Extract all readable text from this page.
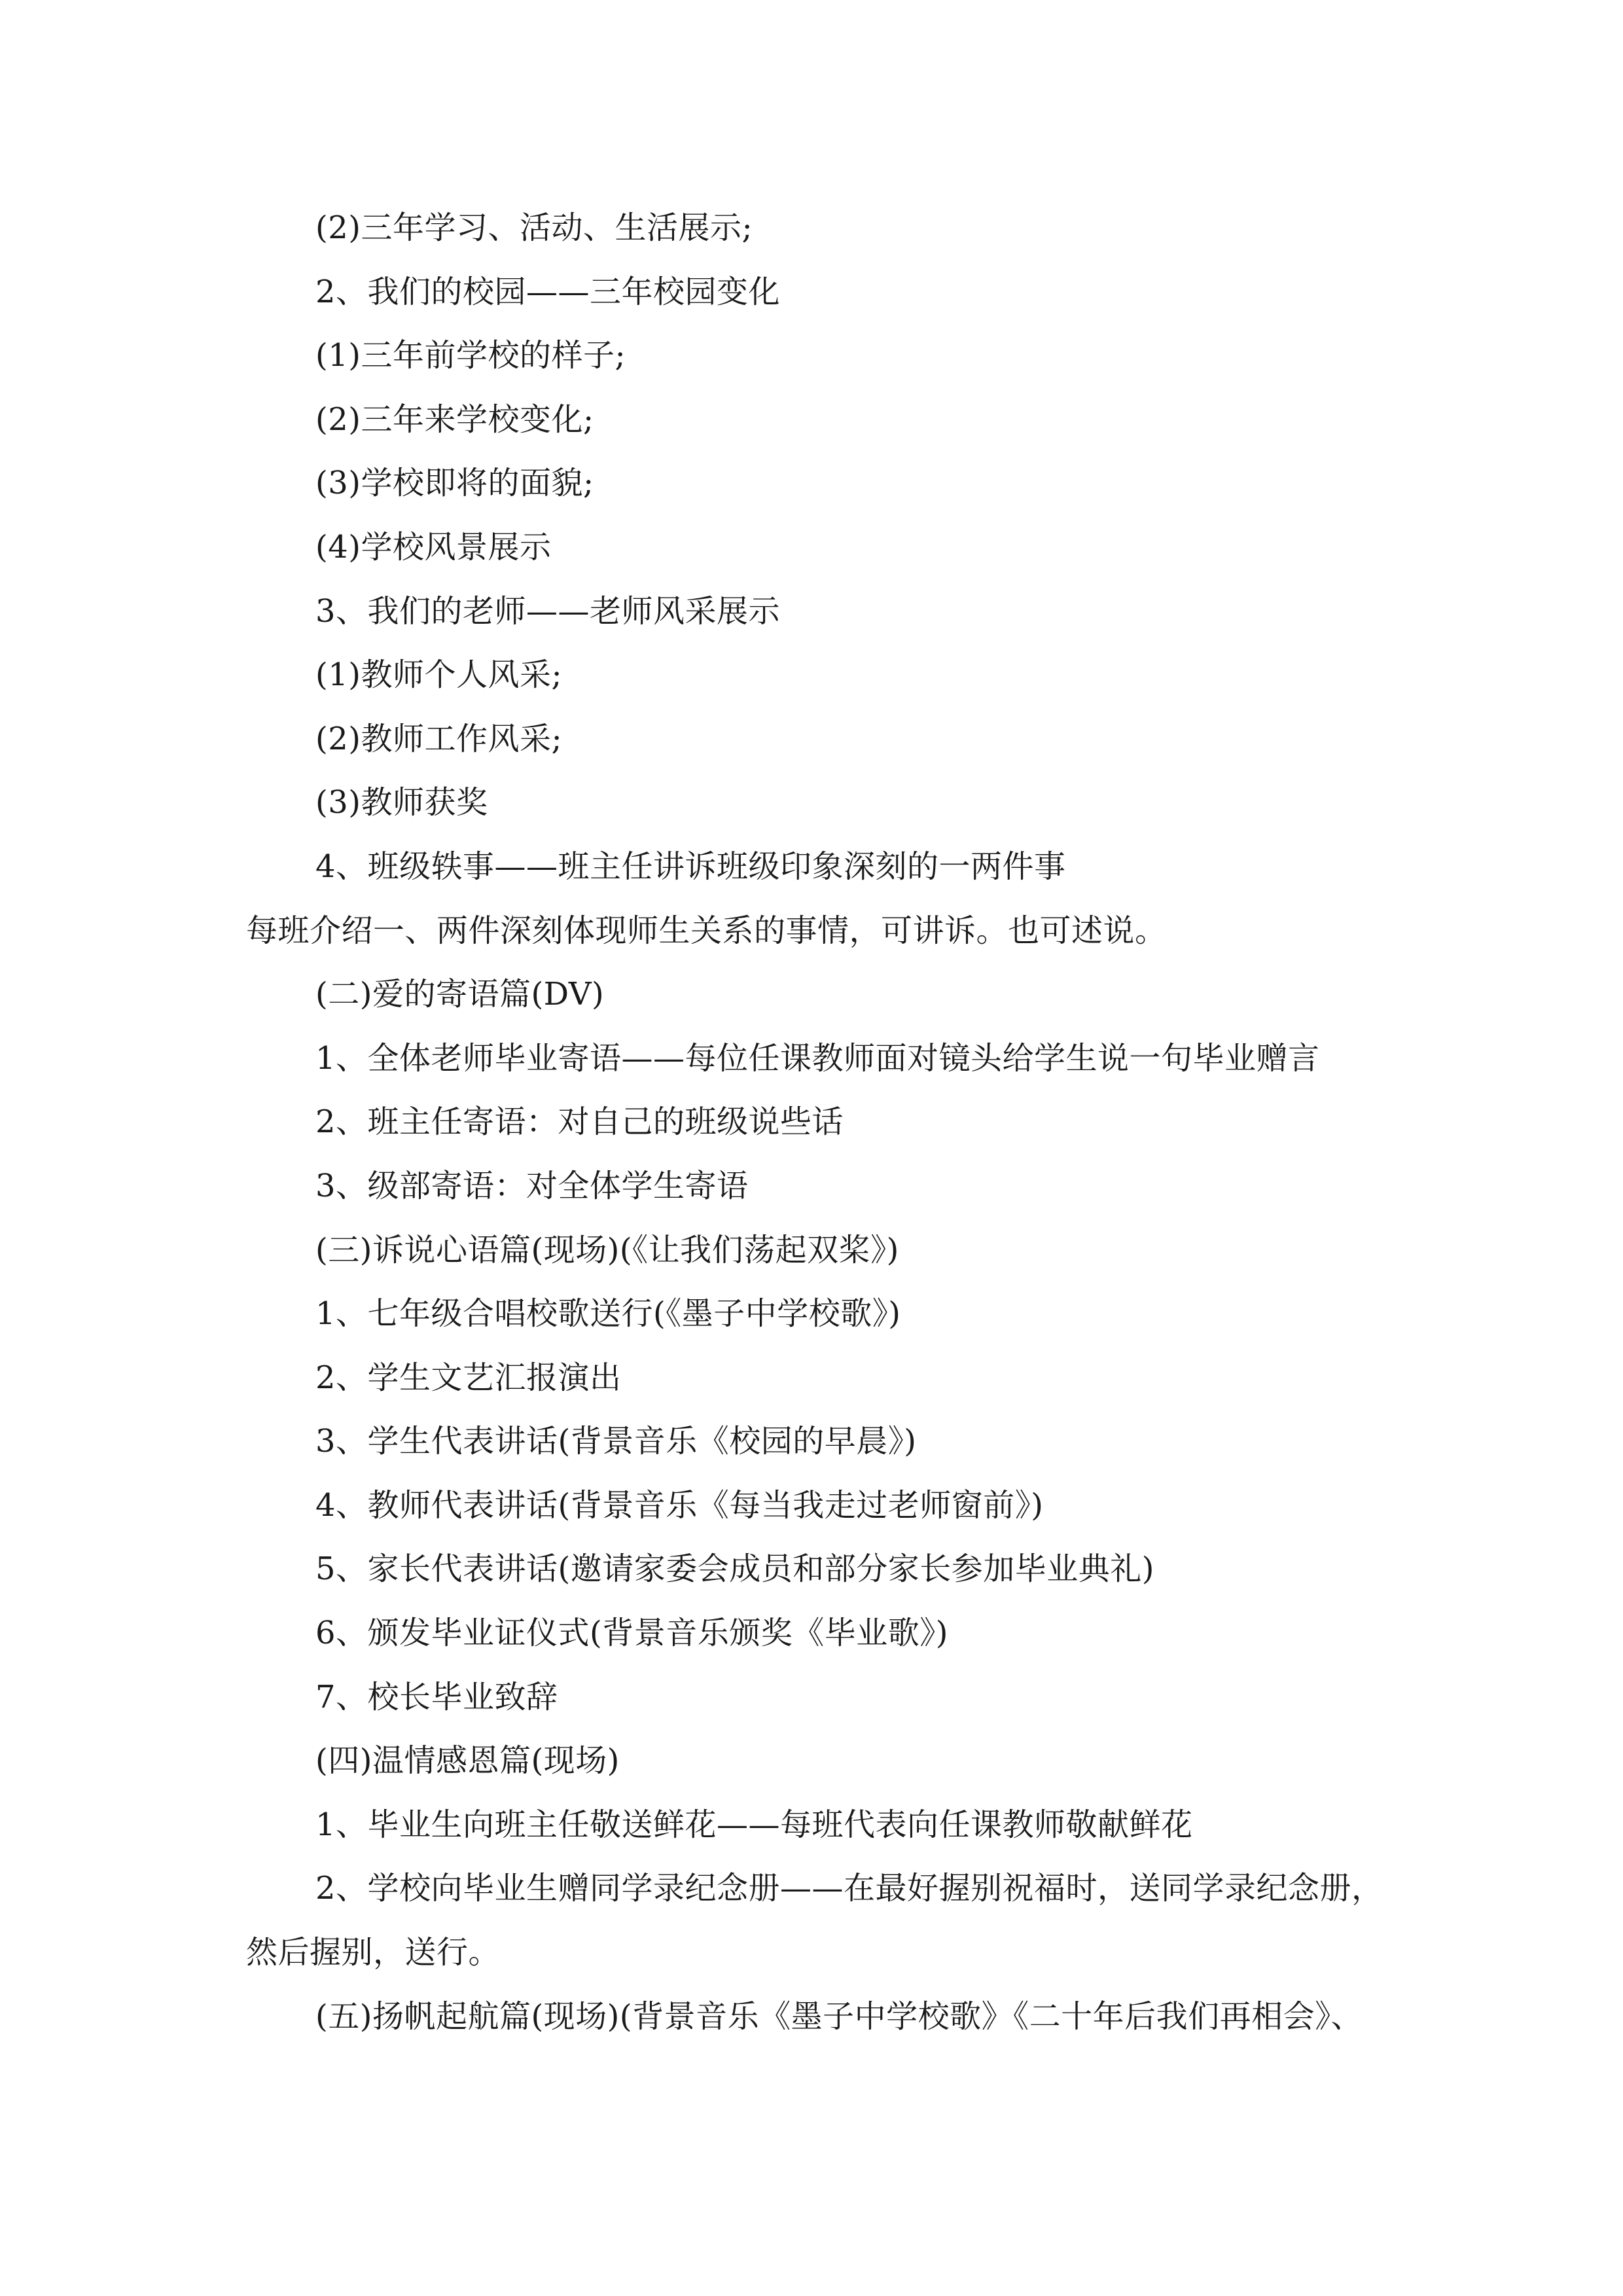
(2)三年学习、活动、生活展示;
2、我们的校园——三年校园变化
(1)三年前学校的样子;
(2)三年来学校变化;
(3)学校即将的面貌;
(4)学校风景展示
3、我们的老师——老师风采展示
(1)教师个人风采;
(2)教师工作风采;
(3)教师获奖
4、班级轶事——班主任讲诉班级印象深刻的一两件事
每班介绍一、两件深刻体现师生关系的事情，可讲诉。也可述说。
(二)爱的寄语篇(DV)
1、全体老师毕业寄语——每位任课教师面对镜头给学生说一句毕业赠言
2、班主任寄语：对自己的班级说些话
3、级部寄语：对全体学生寄语
(三)诉说心语篇(现场)(《让我们荡起双桨》)
1、七年级合唱校歌送行(《墨子中学校歌》)
2、学生文艺汇报演出
3、学生代表讲话(背景音乐《校园的早晨》)
4、教师代表讲话(背景音乐《每当我走过老师窗前》)
5、家长代表讲话(邀请家委会成员和部分家长参加毕业典礼)
6、颁发毕业证仪式(背景音乐颁奖《毕业歌》)
7、校长毕业致辞
(四)温情感恩篇(现场)
1、毕业生向班主任敬送鲜花——每班代表向任课教师敬献鲜花
2、学校向毕业生赠同学录纪念册——在最好握别祝福时，送同学录纪念册，
然后握别，送行。
(五)扬帆起航篇(现场)(背景音乐《墨子中学校歌》《二十年后我们再相会》、
